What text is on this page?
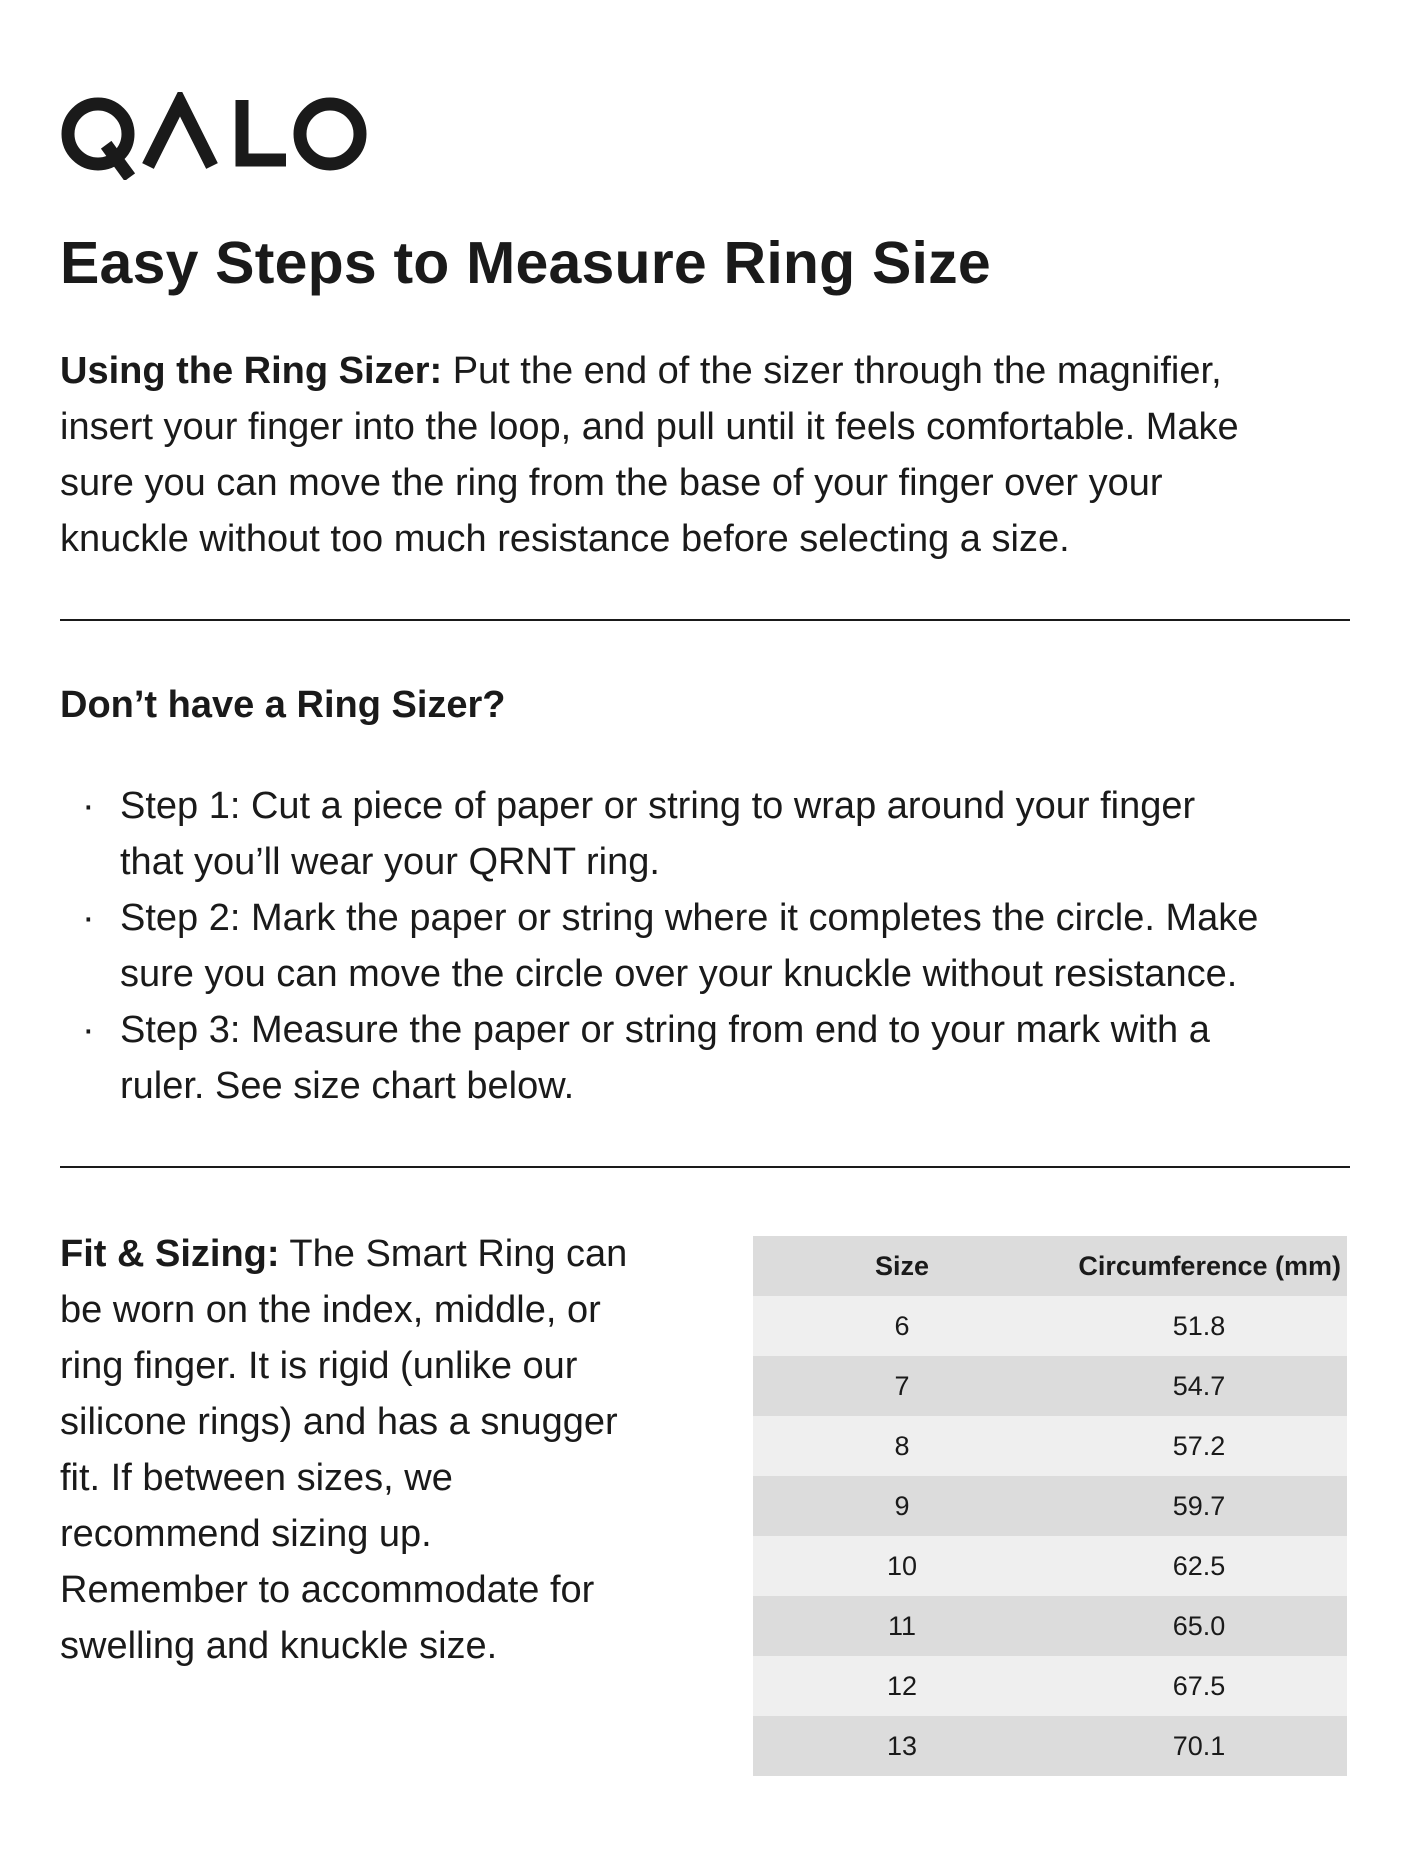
Easy Steps to Measure Ring Size

Using the Ring Sizer: Put the end of the sizer through the magnifier,
insert your finger into the loop, and pull until it feels comfortable. Make
sure you can move the ring from the base of your finger over your
knuckle without too much resistance before selecting a size.

Don’t have a Ring Sizer?
· Step 1: Cut a piece of paper or string to wrap around your finger
that you’ll wear your QRNT ring.
· Step 2: Mark the paper or string where it completes the circle. Make
sure you can move the circle over your knuckle without resistance.
· Step 3: Measure the paper or string from end to your mark with a
ruler. See size chart below.

Fit & Sizing: The Smart Ring can
be worn on the index, middle, or
ring finger. It is rigid (unlike our
silicone rings) and has a snugger
fit. If between sizes, we
recommend sizing up.
Remember to accommodate for
swelling and knuckle size.

Size	Circumference (mm)
6	51.8
7	54.7
8	57.2
9	59.7
10	62.5
11	65.0
12	67.5
13	70.1
